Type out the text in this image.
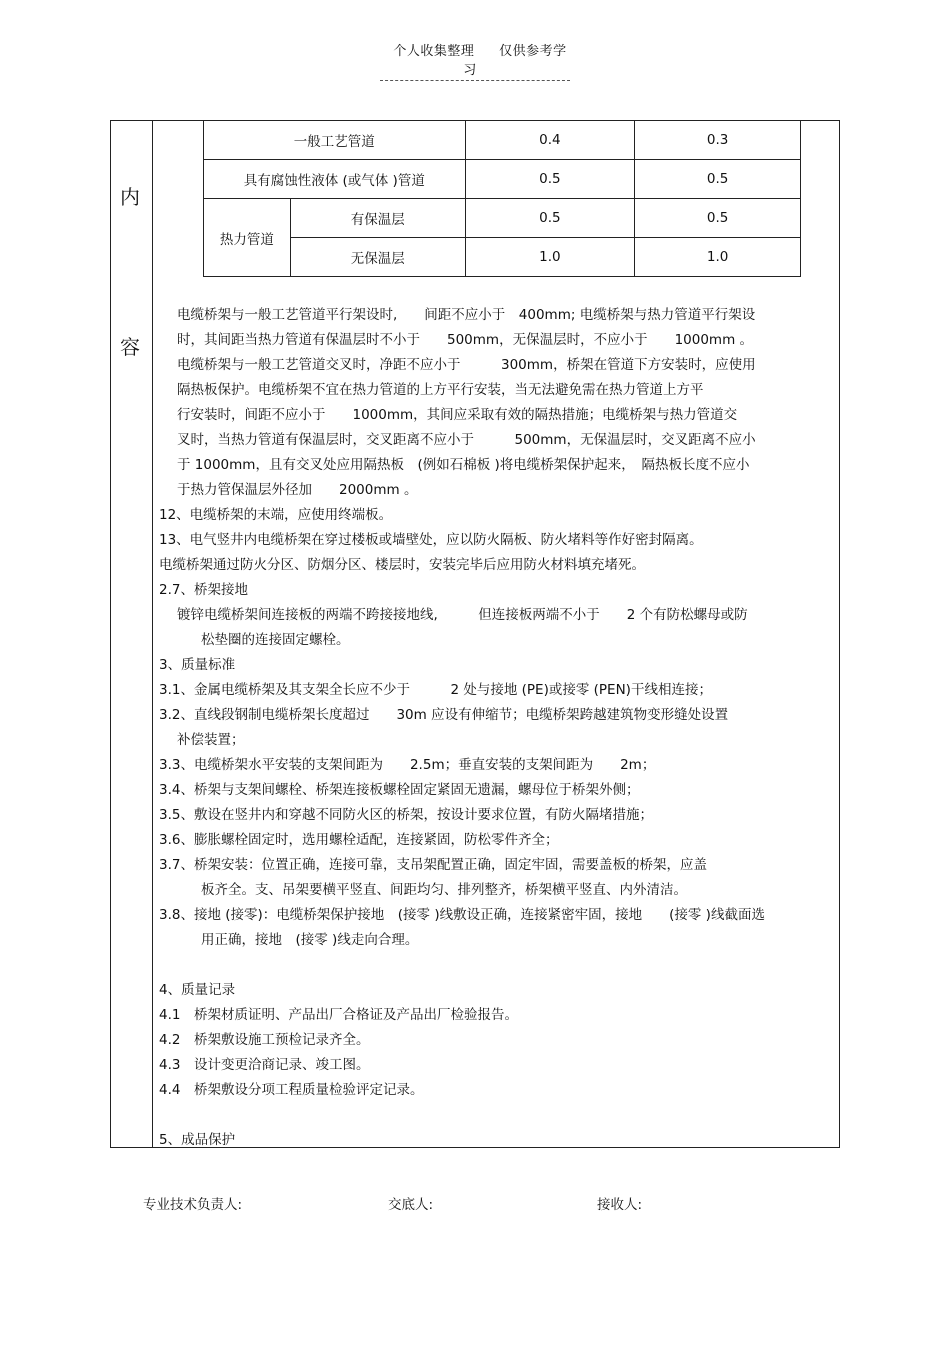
个人收集整理 仅供参考学习
内
容
一般工艺管道		0.4	0.3
具有腐蚀性液体 (或气体 )管道		0.5	0.5
热力管道	有保温层	0.5	0.5
	无保温层	1.0	1.0
电缆桥架与一般工艺管道平行架设时,　　间距不应小于　400mm; 电缆桥架与热力管道平行架设
时，其间距当热力管道有保温层时不小于　　500mm，无保温层时，不应小于　　1000mm 。
电缆桥架与一般工艺管道交叉时，净距不应小于　　　300mm，桥架在管道下方安装时，应使用
隔热板保护。电缆桥架不宜在热力管道的上方平行安装，当无法避免需在热力管道上方平
行安装时，间距不应小于　　1000mm，其间应采取有效的隔热措施；电缆桥架与热力管道交
叉时，当热力管道有保温层时，交叉距离不应小于　　　500mm，无保温层时，交叉距离不应小
于 1000mm，且有交叉处应用隔热板　(例如石棉板 )将电缆桥架保护起来，　隔热板长度不应小
于热力管保温层外径加　　2000mm 。
12、电缆桥架的末端，应使用终端板。
13、电气竖井内电缆桥架在穿过楼板或墙壁处，应以防火隔板、防火堵料等作好密封隔离。
电缆桥架通过防火分区、防烟分区、楼层时，安装完毕后应用防火材料填充堵死。
2.7、桥架接地
镀锌电缆桥架间连接板的两端不跨接接地线,　　　但连接板两端不小于　　2 个有防松螺母或防
松垫圈的连接固定螺栓。
3、质量标准
3.1、金属电缆桥架及其支架全长应不少于　　　2 处与接地 (PE)或接零 (PEN)干线相连接；
3.2、直线段钢制电缆桥架长度超过　　30m 应设有伸缩节；电缆桥架跨越建筑物变形缝处设置
补偿装置；
3.3、电缆桥架水平安装的支架间距为　　2.5m；垂直安装的支架间距为　　2m；
3.4、桥架与支架间螺栓、桥架连接板螺栓固定紧固无遗漏，螺母位于桥架外侧；
3.5、敷设在竖井内和穿越不同防火区的桥架，按设计要求位置，有防火隔堵措施；
3.6、膨胀螺栓固定时，选用螺栓适配，连接紧固，防松零件齐全；
3.7、桥架安装：位置正确，连接可靠，支吊架配置正确，固定牢固，需要盖板的桥架，应盖
板齐全。支、吊架要横平竖直、间距均匀、排列整齐，桥架横平竖直、内外清洁。
3.8、接地 (接零)：电缆桥架保护接地　(接零 )线敷设正确，连接紧密牢固，接地　　(接零 )线截面选
用正确，接地　(接零 )线走向合理。
4、质量记录
4.1　桥架材质证明、产品出厂合格证及产品出厂检验报告。
4.2　桥架敷设施工预检记录齐全。
4.3　设计变更洽商记录、竣工图。
4.4　桥架敷设分项工程质量检验评定记录。
5、成品保护
专业技术负责人:	交底人:	接收人:
